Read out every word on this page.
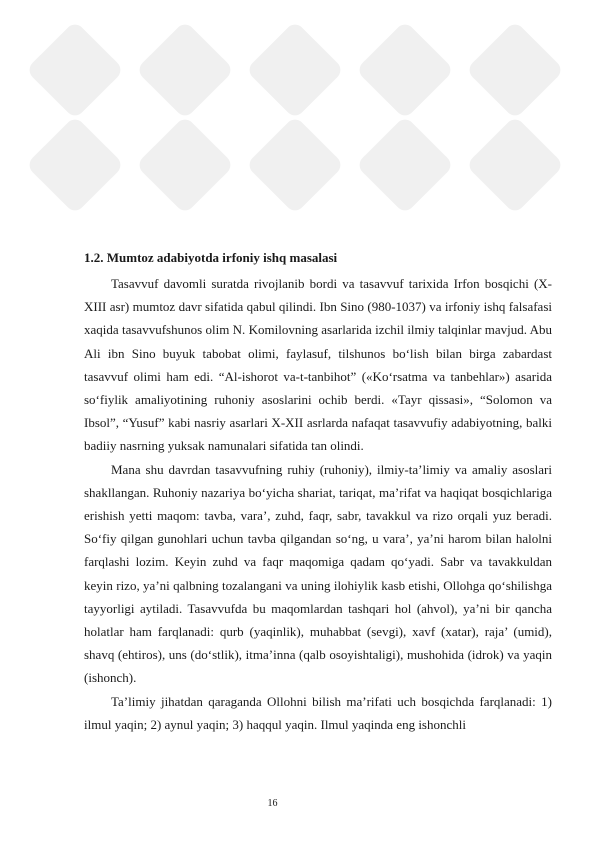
1.2. Mumtoz adabiyotda irfoniy ishq masalasi

Tasavvuf davomli suratda rivojlanib bordi va tasavvuf tarixida Irfon bosqichi (X-XIII asr) mumtoz davr sifatida qabul qilindi. Ibn Sino (980-1037) va irfoniy ishq falsafasi xaqida tasavvufshunos olim N. Komilovning asarlarida izchil ilmiy talqinlar mavjud. Abu Ali ibn Sino buyuk tabobat olimi, faylasuf, tilshunos bo‘lish bilan birga zabardast tasavvuf olimi ham edi. “Al-ishorot va-t-tanbihot” («Ko‘rsatma va tanbehlar») asarida so‘fiylik amaliyotining ruhoniy asoslarini ochib berdi. «Tayr qissasi», “Solomon va Ibsol”, “Yusuf” kabi nasriy asarlari X-XII asrlarda nafaqat tasavvufiy adabiyotning, balki badiiy nasrning yuksak namunalari sifatida tan olindi.

Mana shu davrdan tasavvufning ruhiy (ruhoniy), ilmiy-ta’limiy va amaliy asoslari shakllangan. Ruhoniy nazariya bo‘yicha shariat, tariqat, ma’rifat va haqiqat bosqichlariga erishish yetti maqom: tavba, vara’, zuhd, faqr, sabr, tavakkul va rizo orqali yuz beradi. So‘fiy qilgan gunohlari uchun tavba qilgandan so‘ng, u vara’, ya’ni harom bilan halolni farqlashi lozim. Keyin zuhd va faqr maqomiga qadam qo‘yadi. Sabr va tavakkuldan keyin rizo, ya’ni qalbning tozalangani va uning ilohiylik kasb etishi, Ollohga qo‘shilishga tayyorligi aytiladi. Tasavvufda bu maqomlardan tashqari hol (ahvol), ya’ni bir qancha holatlar ham farqlanadi: qurb (yaqinlik), muhabbat (sevgi), xavf (xatar), raja’ (umid), shavq (ehtiros), uns (do‘stlik), itma’inna (qalb osoyishtaligi), mushohida (idrok) va yaqin (ishonch).

Ta’limiy jihatdan qaraganda Ollohni bilish ma’rifati uch bosqichda farqlanadi: 1) ilmul yaqin; 2) aynul yaqin; 3) haqqul yaqin. Ilmul yaqinda eng ishonchli

16
